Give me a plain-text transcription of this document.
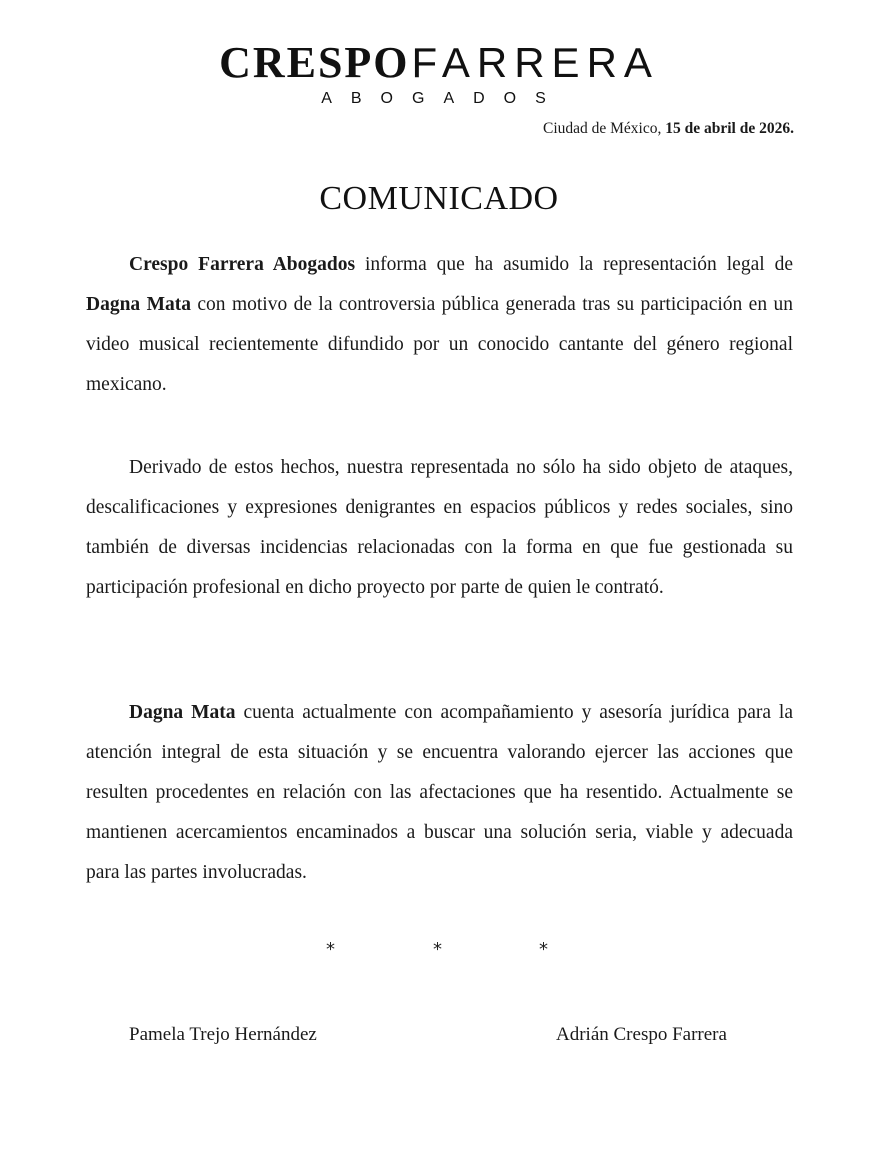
CRESPO FARRERA
ABOGADOS
Ciudad de México, 15 de abril de 2026.
COMUNICADO

Crespo Farrera Abogados informa que ha asumido la representación legal de Dagna Mata con motivo de la controversia pública generada tras su participación en un video musical recientemente difundido por un conocido cantante del género regional mexicano.

Derivado de estos hechos, nuestra representada no sólo ha sido objeto de ataques, descalificaciones y expresiones denigrantes en espacios públicos y redes sociales, sino también de diversas incidencias relacionadas con la forma en que fue gestionada su participación profesional en dicho proyecto por parte de quien le contrató.

Dagna Mata cuenta actualmente con acompañamiento y asesoría jurídica para la atención integral de esta situación y se encuentra valorando ejercer las acciones que resulten procedentes en relación con las afectaciones que ha resentido. Actualmente se mantienen acercamientos encaminados a buscar una solución seria, viable y adecuada para las partes involucradas.

*	*	*
Pamela Trejo Hernández	Adrián Crespo Farrera
